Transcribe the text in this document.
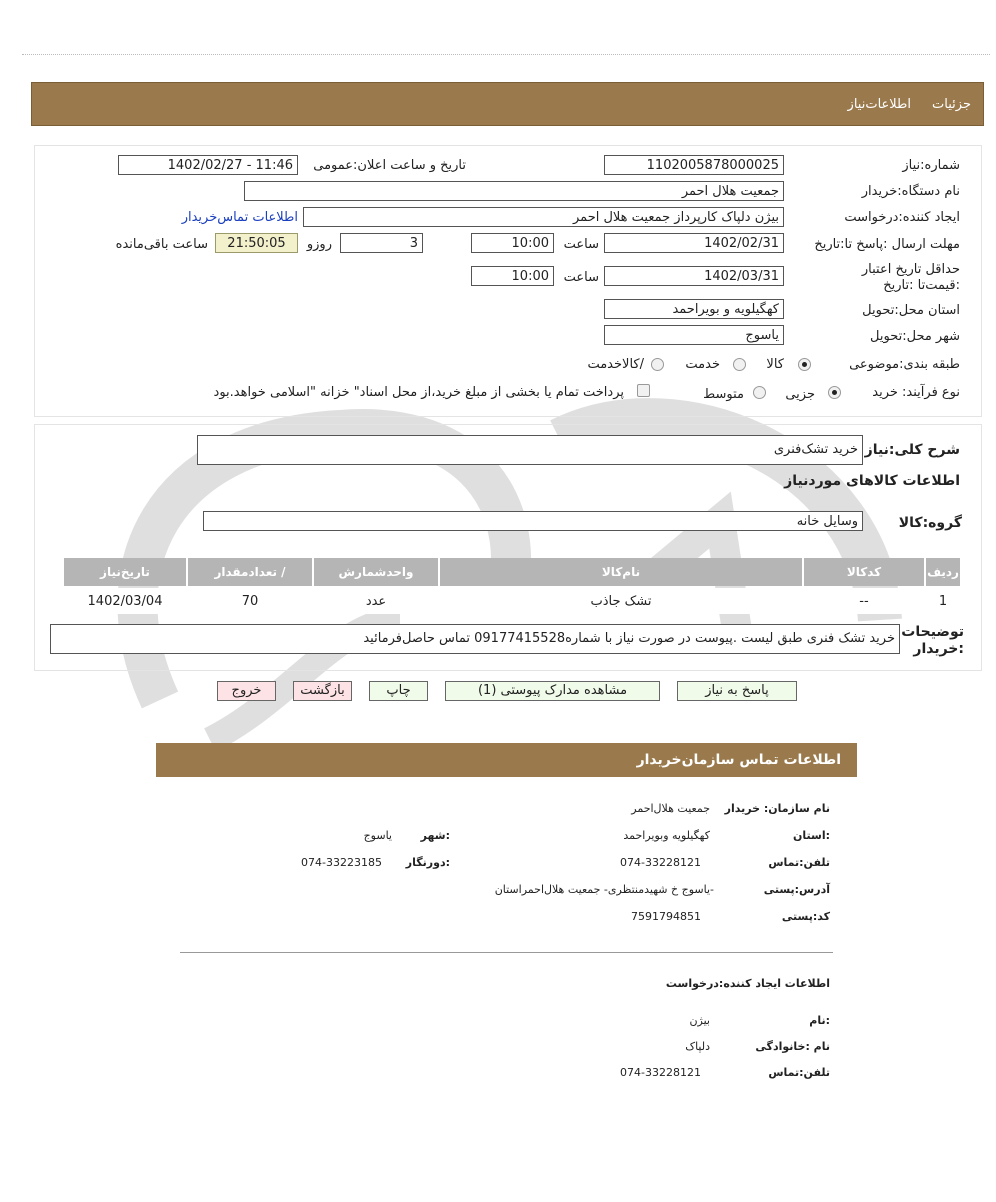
جزئیات
اطلاعات‌نیاز
شماره:نیاز
1102005878000025
تاریخ و ساعت اعلان:عمومی
1402/02/27 - 11:46
نام دستگاه:خریدار
جمعیت هلال احمر
ایجاد کننده:درخواست
بیژن دلپاک کارپرداز جمعیت هلال احمر
اطلاعات تماس‌خریدار
مهلت ارسال :پاسخ تا:تاریخ
1402/02/31
ساعت
10:00
3
روزو
21:50:05
ساعت باقی‌مانده
حداقل تاریخ اعتبار :قیمت‌تا :تاریخ
1402/03/31
ساعت
10:00
استان محل:تحویل
کهگیلویه و بویراحمد
شهر محل:تحویل
یاسوج
طبقه بندی:موضوعی
کالا
خدمت
/کالاخدمت
نوع فرآیند: خرید
جزیی
متوسط
پرداخت تمام یا بخشی از مبلغ خرید،از محل اسناد" خزانه "اسلامی خواهد.بود
شرح کلی:نیاز
خرید تشک‌فنری
اطلاعات کالاهای موردنیاز
گروه:کالا
وسایل خانه
ردیف	کدکالا	نام‌کالا	واحدشمارش	/ تعدادمقدار	تاریخ‌نیاز
1	--	تشک جاذب	عدد	70	1402/03/04
توضیحات :خریدار
خرید تشک فنری طبق لیست .پیوست در صورت نیاز با شماره09177415528 تماس حاصل‌فرمائید
پاسخ به نیاز
مشاهده مدارک پیوستی (1)
چاپ
بازگشت
خروج
اطلاعات تماس سازمان‌خریدار
نام سازمان: خریدار
جمعیت هلال‌احمر
:استان
کهگیلویه وبویراحمد
:شهر
یاسوج
تلفن:تماس
074-33228121
:دورنگار
074-33223185
آدرس:پستی
-یاسوج خ شهیدمنتظری- جمعیت هلال‌احمراستان
کد:پستی
7591794851
اطلاعات ایجاد کننده:درخواست
:نام
بیژن
نام :خانوادگی
دلپاک
تلفن:تماس
074-33228121
